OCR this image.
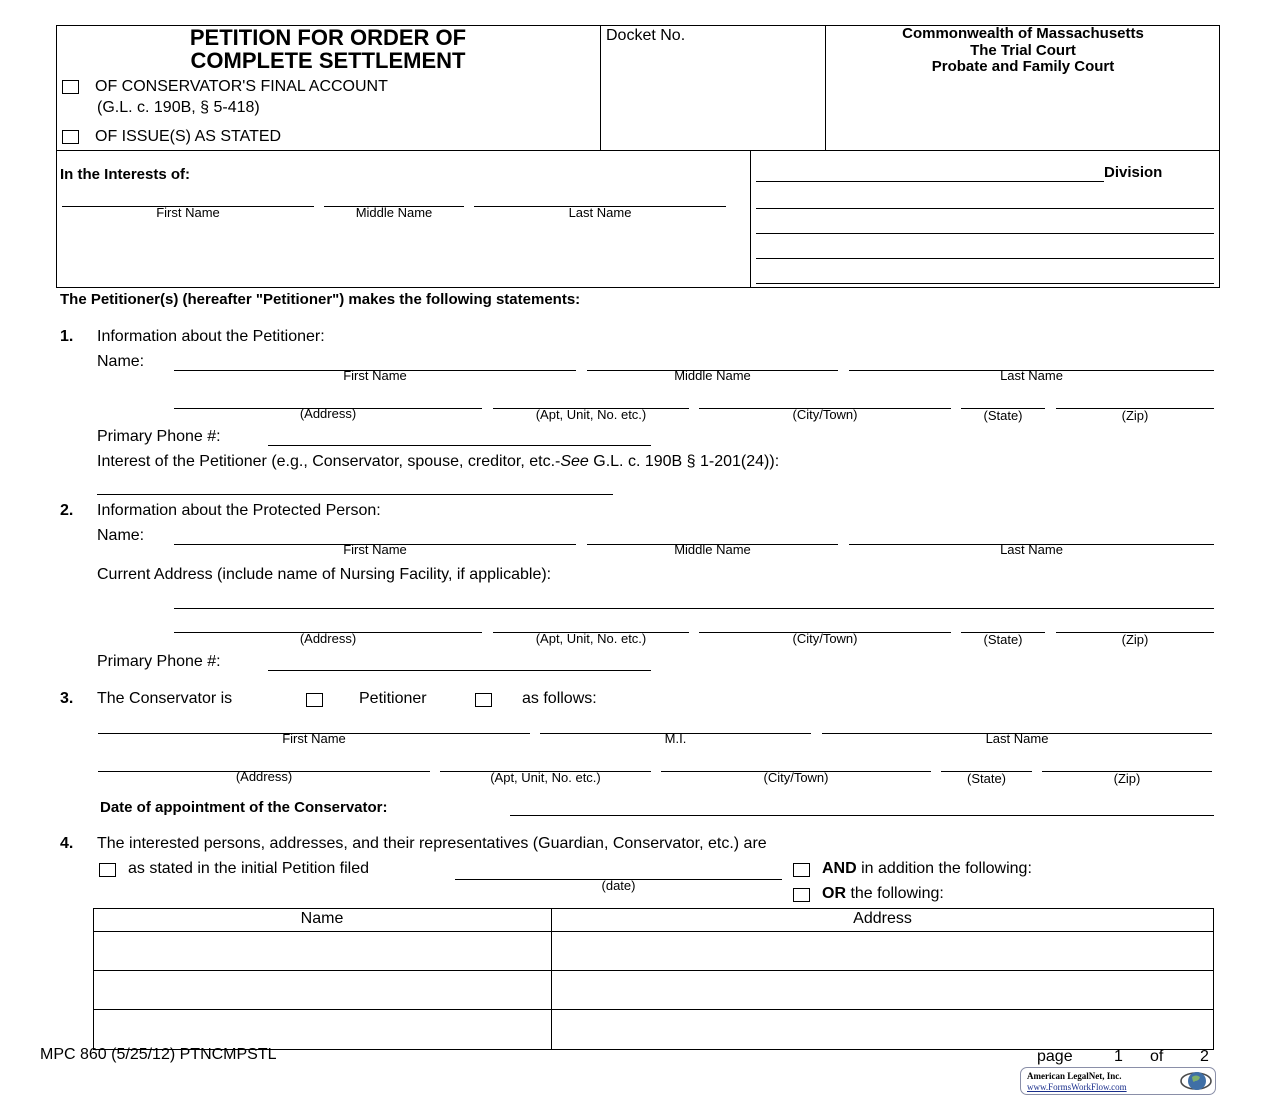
PETITION FOR ORDER OF
COMPLETE SETTLEMENT
OF CONSERVATOR'S FINAL ACCOUNT
(G.L. c. 190B, § 5-418)
OF ISSUE(S) AS STATED
Docket No.	Commonwealth of Massachusetts
The Trial Court
Probate and Family Court
In the Interests of:
First Name	Middle Name	Last Name
Division
The Petitioner(s) (hereafter "Petitioner") makes the following statements:
1. Information about the Petitioner:
Name:
First Name	Middle Name	Last Name
(Address)	(Apt, Unit, No. etc.)	(City/Town)	(State)	(Zip)
Primary Phone #:
Interest of the Petitioner (e.g., Conservator, spouse, creditor, etc.-See G.L. c. 190B § 1-201(24)):
2. Information about the Protected Person:
Name:
First Name	Middle Name	Last Name
Current Address (include name of Nursing Facility, if applicable):
(Address)	(Apt, Unit, No. etc.)	(City/Town)	(State)	(Zip)
Primary Phone #:
3. The Conservator is	Petitioner	as follows:
First Name	M.I.	Last Name
(Address)	(Apt, Unit, No. etc.)	(City/Town)	(State)	(Zip)
Date of appointment of the Conservator:
4. The interested persons, addresses, and their representatives (Guardian, Conservator, etc.) are
as stated in the initial Petition filed
(date)
AND in addition the following:
OR the following:
Name	Address
MPC 860 (5/25/12) PTNCMPSTL	page	1 of 2
American LegalNet, Inc.
www.FormsWorkFlow.com
